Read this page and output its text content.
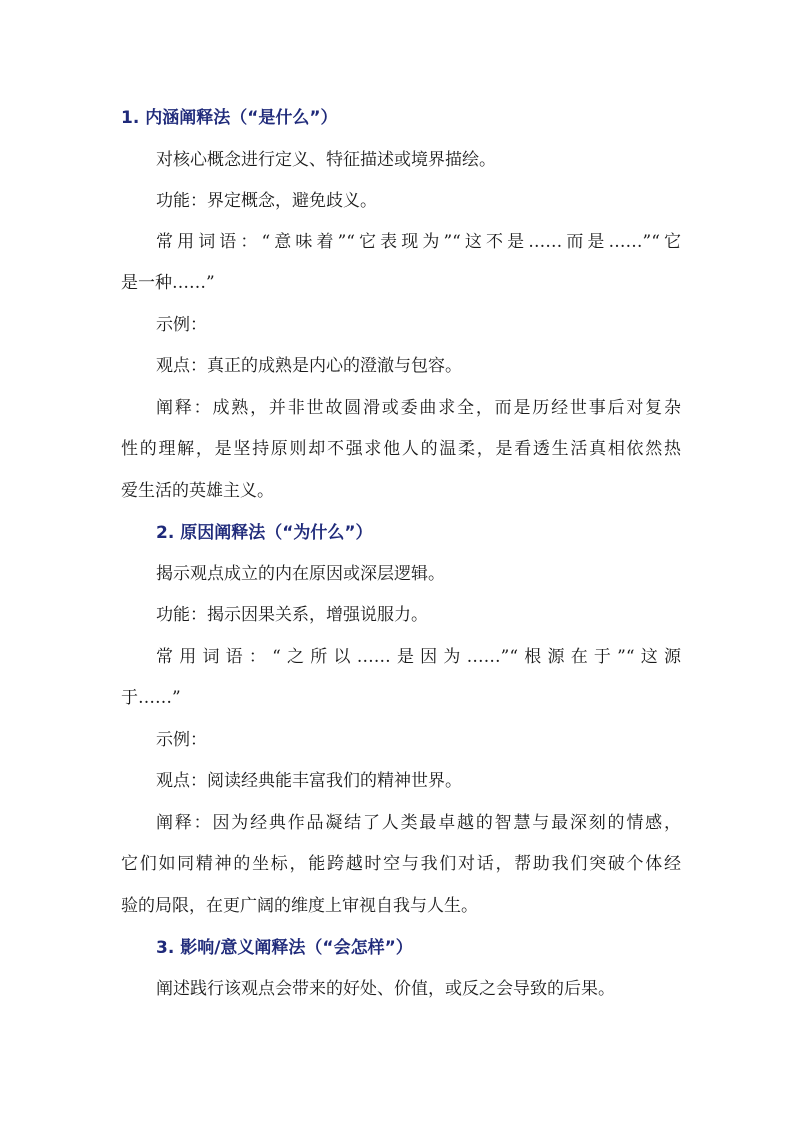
1. 内涵阐释法（“是什么”）
对核心概念进行定义、特征描述或境界描绘。
功能：界定概念，避免歧义。
常用词语：“意味着”“它表现为”“这不是……而是……”“它
是一种……”
示例：
观点：真正的成熟是内心的澄澈与包容。
阐释：成熟，并非世故圆滑或委曲求全，而是历经世事后对复杂
性的理解，是坚持原则却不强求他人的温柔，是看透生活真相依然热
爱生活的英雄主义。
2. 原因阐释法（“为什么”）
揭示观点成立的内在原因或深层逻辑。
功能：揭示因果关系，增强说服力。
常用词语：“之所以……是因为……”“根源在于”“这源
于……”
示例：
观点：阅读经典能丰富我们的精神世界。
阐释：因为经典作品凝结了人类最卓越的智慧与最深刻的情感，
它们如同精神的坐标，能跨越时空与我们对话，帮助我们突破个体经
验的局限，在更广阔的维度上审视自我与人生。
3. 影响/意义阐释法（“会怎样”）
阐述践行该观点会带来的好处、价值，或反之会导致的后果。
